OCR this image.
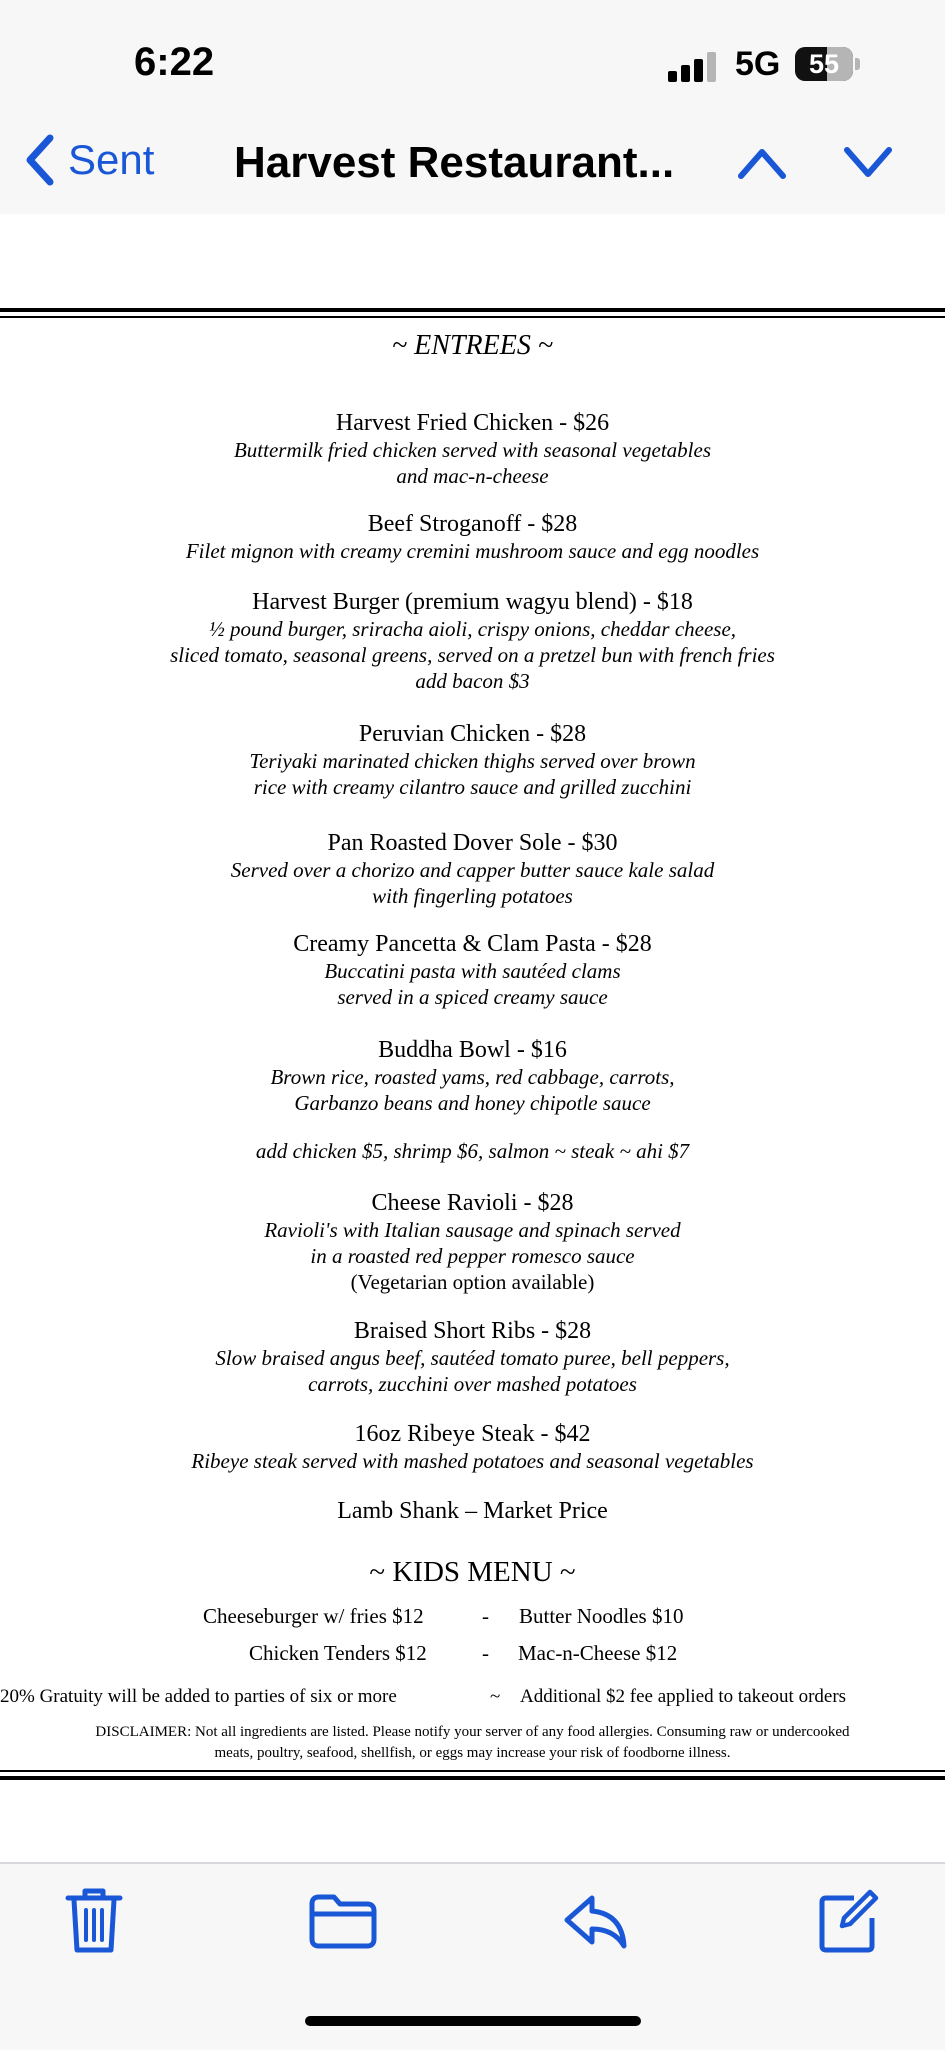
6:22	5G	55
Sent Harvest Restaurant...
~ ENTREES ~
Harvest Fried Chicken - $26
Buttermilk fried chicken served with seasonal vegetables
and mac-n-cheese
Beef Stroganoff - $28
Filet mignon with creamy cremini mushroom sauce and egg noodles
Harvest Burger (premium wagyu blend) - $18
½ pound burger, sriracha aioli, crispy onions, cheddar cheese,
sliced tomato, seasonal greens, served on a pretzel bun with french fries
add bacon $3
Peruvian Chicken - $28
Teriyaki marinated chicken thighs served over brown
rice with creamy cilantro sauce and grilled zucchini
Pan Roasted Dover Sole - $30
Served over a chorizo and capper butter sauce kale salad
with fingerling potatoes
Creamy Pancetta & Clam Pasta - $28
Buccatini pasta with sautéed clams
served in a spiced creamy sauce
Buddha Bowl - $16
Brown rice, roasted yams, red cabbage, carrots,
Garbanzo beans and honey chipotle sauce
add chicken $5, shrimp $6, salmon ~ steak ~ ahi $7
Cheese Ravioli - $28
Ravioli's with Italian sausage and spinach served
in a roasted red pepper romesco sauce
(Vegetarian option available)
Braised Short Ribs - $28
Slow braised angus beef, sautéed tomato puree, bell peppers,
carrots, zucchini over mashed potatoes
16oz Ribeye Steak - $42
Ribeye steak served with mashed potatoes and seasonal vegetables
Lamb Shank – Market Price
~ KIDS MENU ~
Cheeseburger w/ fries $12	- Butter Noodles $10
Chicken Tenders $12	- Mac-n-Cheese $12
20% Gratuity will be added to parties of six or more	~ Additional $2 fee applied to takeout orders
DISCLAIMER: Not all ingredients are listed. Please notify your server of any food allergies. Consuming raw or undercooked
meats, poultry, seafood, shellfish, or eggs may increase your risk of foodborne illness.
